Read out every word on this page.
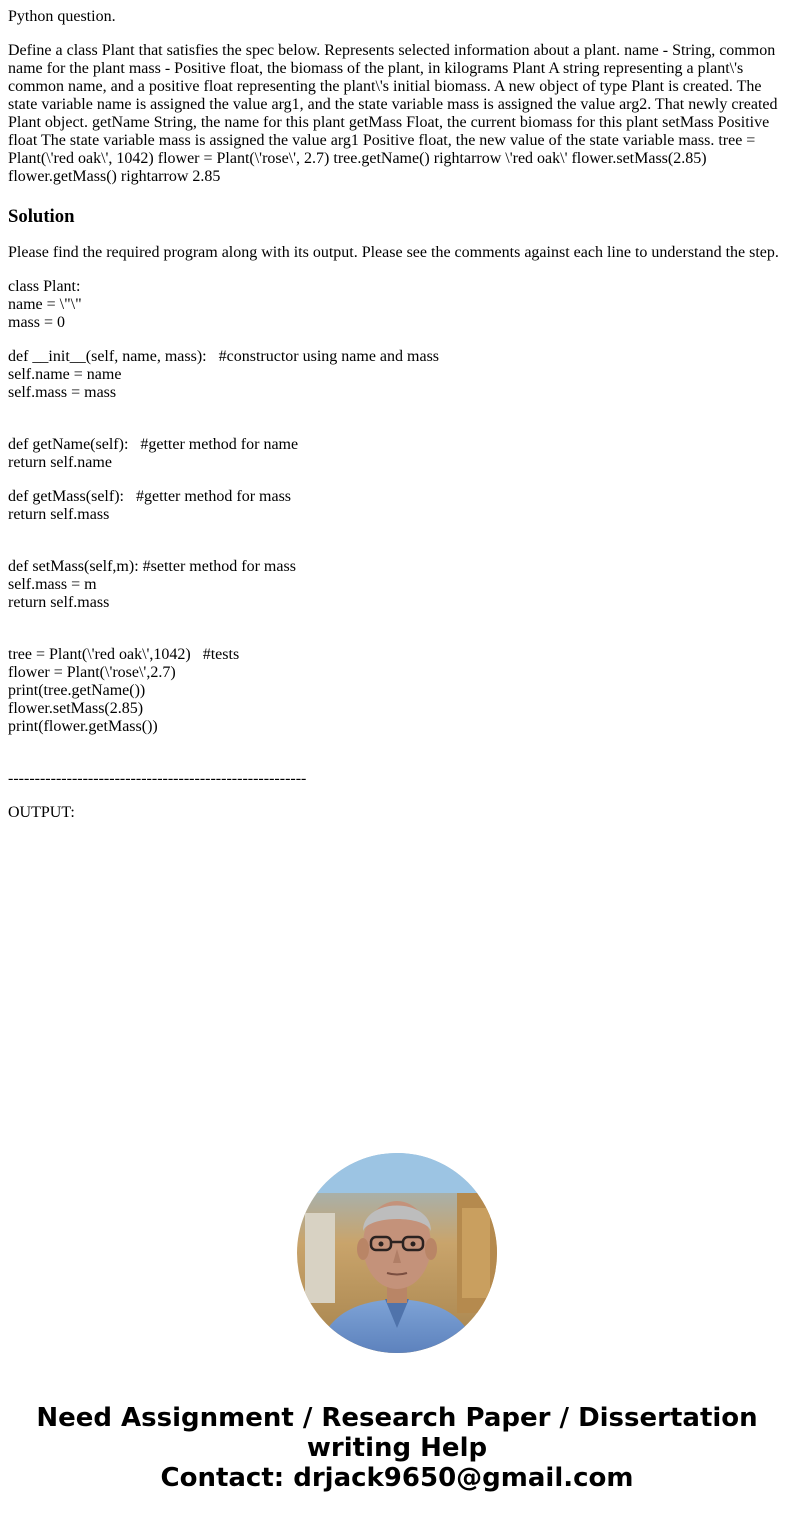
Python question.

Define a class Plant that satisfies the spec below. Represents selected information about a plant. name - String, common name for the plant mass - Positive float, the biomass of the plant, in kilograms Plant A string representing a plant\'s common name, and a positive float representing the plant\'s initial biomass. A new object of type Plant is created. The state variable name is assigned the value arg1, and the state variable mass is assigned the value arg2. That newly created Plant object. getName String, the name for this plant getMass Float, the current biomass for this plant setMass Positive float The state variable mass is assigned the value arg1 Positive float, the new value of the state variable mass. tree = Plant(\'red oak\', 1042) flower = Plant(\'rose\', 2.7) tree.getName() rightarrow \'red oak\' flower.setMass(2.85) flower.getMass() rightarrow 2.85

Solution

Please find the required program along with its output. Please see the comments against each line to understand the step.

class Plant:
name = \"\"
mass = 0
def __init__(self, name, mass):   #constructor using name and mass
self.name = name
self.mass = mass
def getName(self):   #getter method for name
return self.name
def getMass(self):   #getter method for mass
return self.mass
def setMass(self,m): #setter method for mass
self.mass = m
return self.mass
tree = Plant(\'red oak\',1042)   #tests
flower = Plant(\'rose\',2.7)
print(tree.getName())
flower.setMass(2.85)
print(flower.getMass())
--------------------------------------------------------

OUTPUT:

Need Assignment / Research Paper / Dissertation
writing Help
Contact: drjack9650@gmail.com
